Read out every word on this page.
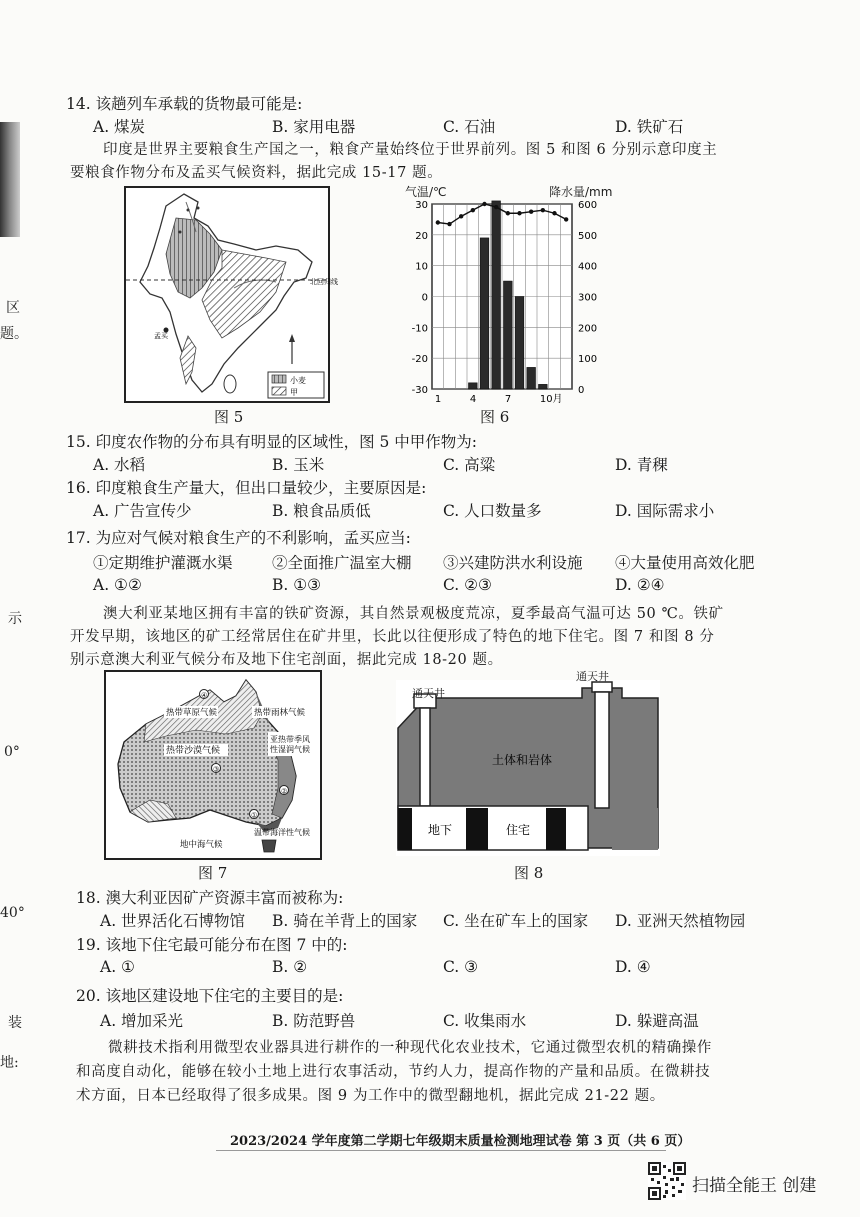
区
题。
示
0°
40°
装
地:
14. 该趟列车承载的货物最可能是:
A. 煤炭	B. 家用电器	C. 石油	D. 铁矿石
印度是世界主要粮食生产国之一，粮食产量始终位于世界前列。图 5 和图 6 分别示意印度主
要粮食作物分布及孟买气候资料，据此完成 15-17 题。
北回归线
孟买
小麦
甲
图 5
30
20
10
0
-10
-20
-30
600
500
400
300
200
100
0
1	4	7	10月
气温/℃	降水量/mm
图 6
15. 印度农作物的分布具有明显的区域性，图 5 中甲作物为:
A. 水稻	B. 玉米	C. 高粱	D. 青稞
16. 印度粮食生产量大，但出口量较少，主要原因是:
A. 广告宣传少	B. 粮食品质低	C. 人口数量多	D. 国际需求小
17. 为应对气候对粮食生产的不利影响，孟买应当:
①定期维护灌溉水渠	②全面推广温室大棚 ③兴建防洪水利设施 ④大量使用高效化肥
A. ①②	B. ①③	C. ②③	D. ②④
澳大利亚某地区拥有丰富的铁矿资源，其自然景观极度荒凉，夏季最高气温可达 50 ℃。铁矿
开发早期，该地区的矿工经常居住在矿井里，长此以往便形成了特色的地下住宅。图 7 和图 8 分
别示意澳大利亚气候分布及地下住宅剖面，据此完成 18-20 题。
④
③
②
①
热带草原气候	热带雨林气候
热带沙漠气候
亚热带季风性湿润气候
地中海气候
温带海洋性气候
图 7
土体和岩体
地下	住宅
通天井
通天井
图 8
18. 澳大利亚因矿产资源丰富而被称为:
A. 世界活化石博物馆 B. 骑在羊背上的国家 C. 坐在矿车上的国家 D. 亚洲天然植物园
19. 该地下住宅最可能分布在图 7 中的:
A. ①	B. ②	C. ③	D. ④
20. 该地区建设地下住宅的主要目的是:
A. 增加采光	B. 防范野兽	C. 收集雨水	D. 躲避高温
微耕技术指利用微型农业器具进行耕作的一种现代化农业技术，它通过微型农机的精确操作
和高度自动化，能够在较小土地上进行农事活动，节约人力，提高作物的产量和品质。在微耕技
术方面，日本已经取得了很多成果。图 9 为工作中的微型翻地机，据此完成 21-22 题。
2023/2024 学年度第二学期七年级期末质量检测地理试卷 第 3 页（共 6 页）
扫描全能王 创建
